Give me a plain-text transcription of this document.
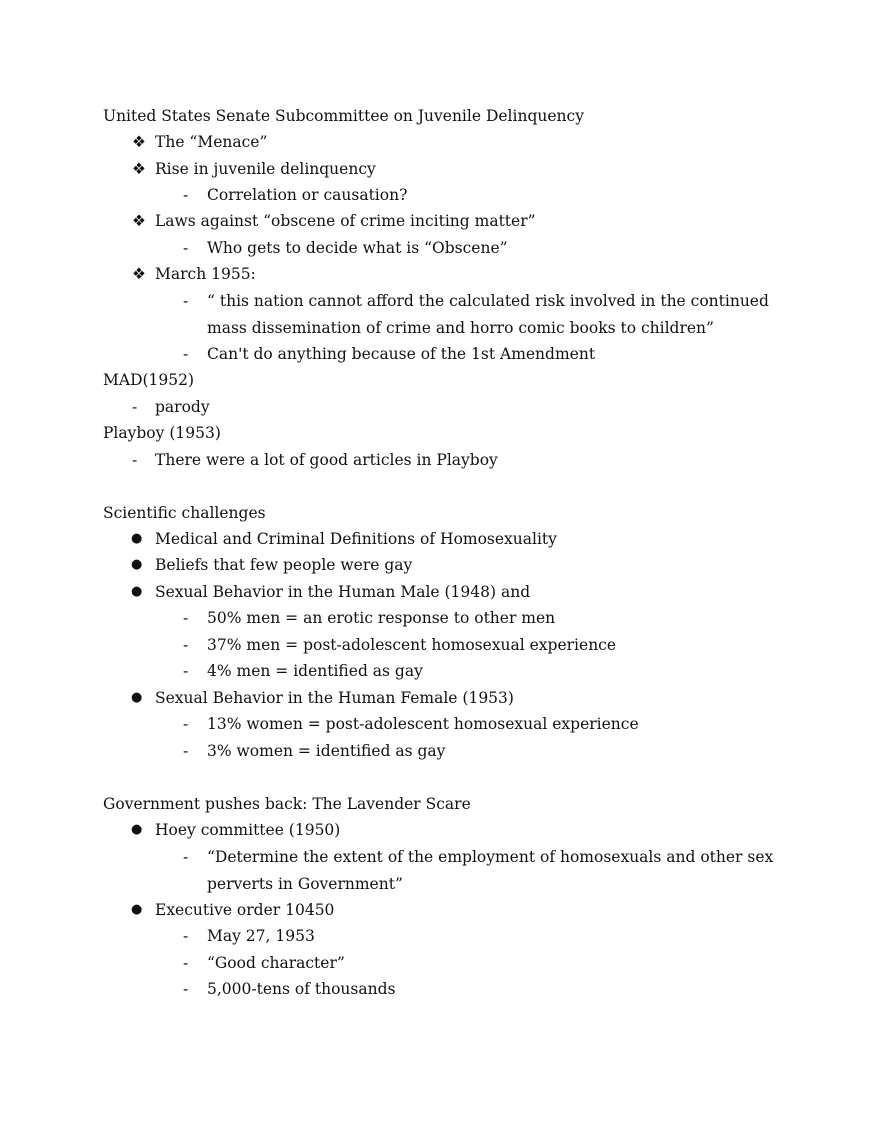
United States Senate Subcommittee on Juvenile Delinquency
❖ The “Menace”
❖ Rise in juvenile delinquency
- Correlation or causation?
❖ Laws against “obscene of crime inciting matter”
- Who gets to decide what is “Obscene”
❖ March 1955:
- “ this nation cannot afford the calculated risk involved in the continued mass dissemination of crime and horro comic books to children”
- Can't do anything because of the 1st Amendment
MAD(1952)
- parody
Playboy (1953)
- There were a lot of good articles in Playboy
Scientific challenges
● Medical and Criminal Definitions of Homosexuality
● Beliefs that few people were gay
● Sexual Behavior in the Human Male (1948) and
- 50% men = an erotic response to other men
- 37% men = post-adolescent homosexual experience
- 4% men = identified as gay
● Sexual Behavior in the Human Female (1953)
- 13% women = post-adolescent homosexual experience
- 3% women = identified as gay
Government pushes back: The Lavender Scare
● Hoey committee (1950)
- “Determine the extent of the employment of homosexuals and other sex perverts in Government”
● Executive order 10450
- May 27, 1953
- “Good character”
- 5,000-tens of thousands
